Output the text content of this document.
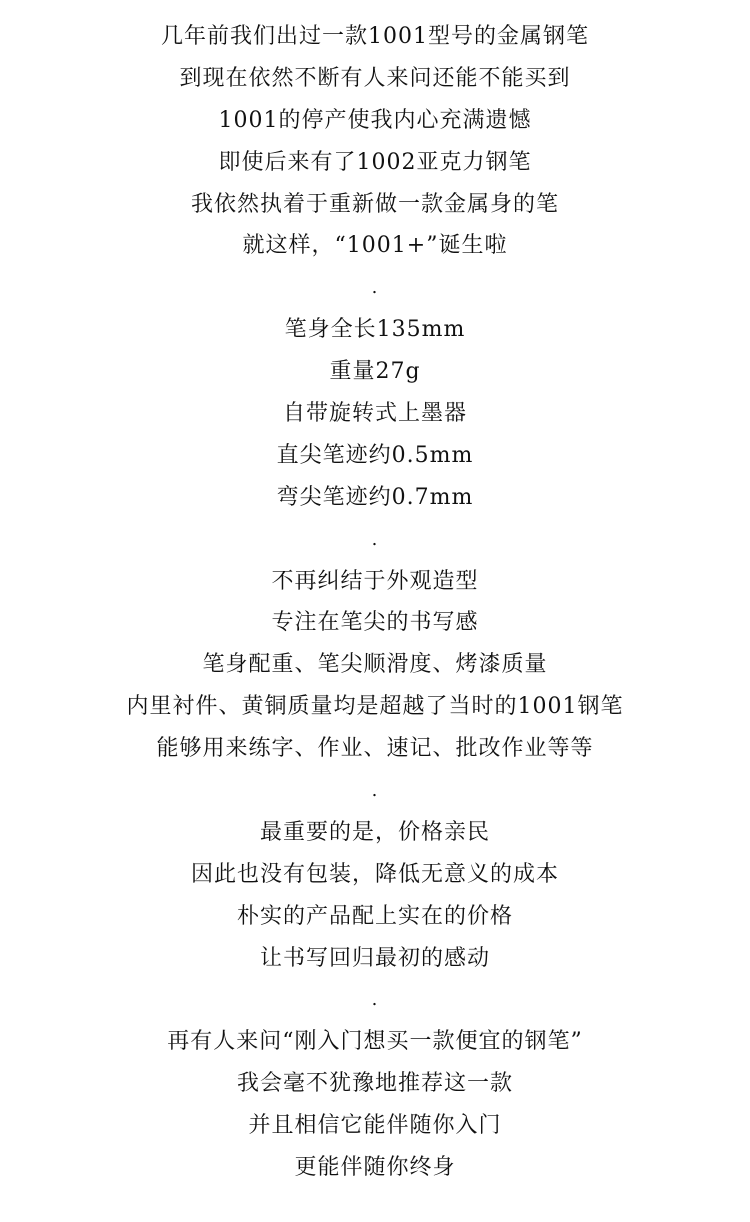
几年前我们出过一款1001型号的金属钢笔
到现在依然不断有人来问还能不能买到
1001的停产使我内心充满遗憾
即使后来有了1002亚克力钢笔
我依然执着于重新做一款金属身的笔
就这样，“1001+”诞生啦
.
笔身全长135mm
重量27g
自带旋转式上墨器
直尖笔迹约0.5mm
弯尖笔迹约0.7mm
.
不再纠结于外观造型
专注在笔尖的书写感
笔身配重、笔尖顺滑度、烤漆质量
内里衬件、黄铜质量均是超越了当时的1001钢笔
能够用来练字、作业、速记、批改作业等等
.
最重要的是，价格亲民
因此也没有包装，降低无意义的成本
朴实的产品配上实在的价格
让书写回归最初的感动
.
再有人来问“刚入门想买一款便宜的钢笔”
我会毫不犹豫地推荐这一款
并且相信它能伴随你入门
更能伴随你终身
